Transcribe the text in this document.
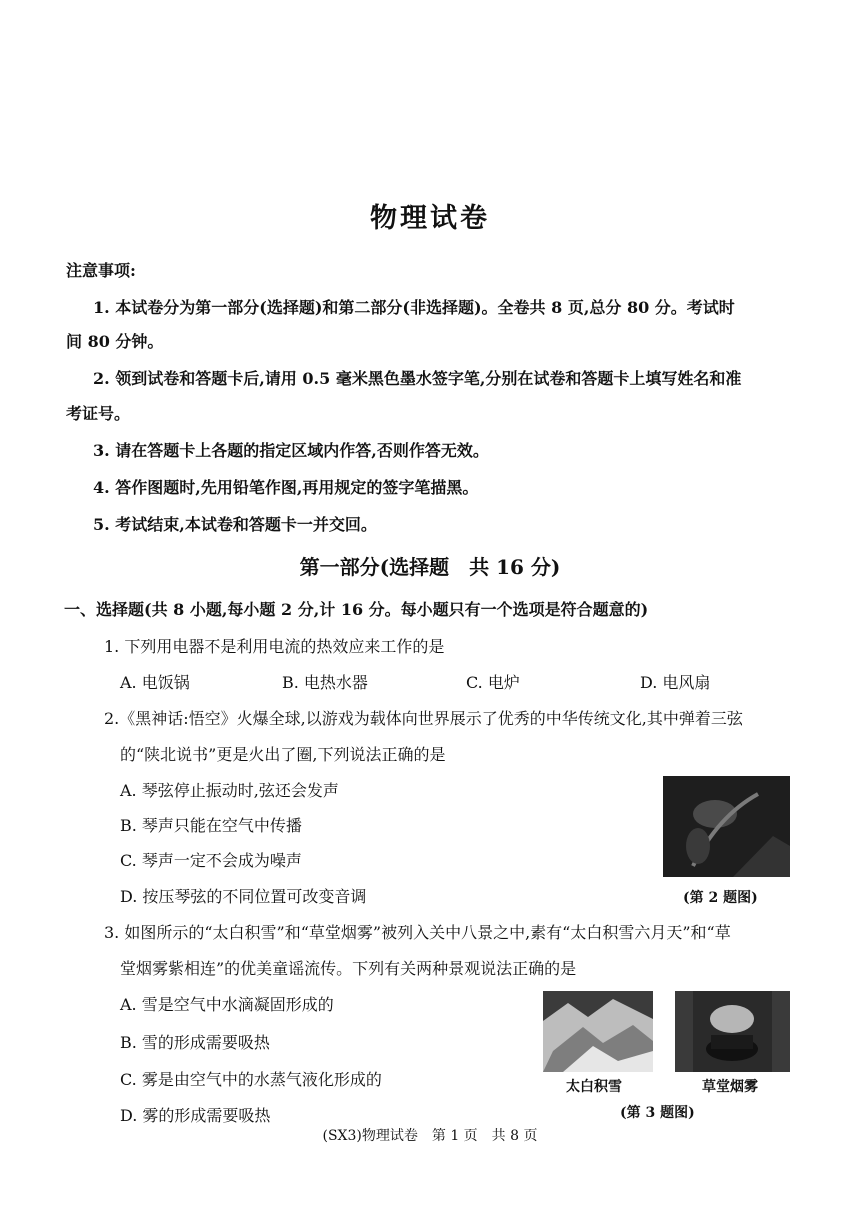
物理试卷
注意事项:
1. 本试卷分为第一部分(选择题)和第二部分(非选择题)。全卷共 8 页,总分 80 分。考试时
间 80 分钟。
2. 领到试卷和答题卡后,请用 0.5 毫米黑色墨水签字笔,分别在试卷和答题卡上填写姓名和准
考证号。
3. 请在答题卡上各题的指定区域内作答,否则作答无效。
4. 答作图题时,先用铅笔作图,再用规定的签字笔描黑。
5. 考试结束,本试卷和答题卡一并交回。
第一部分(选择题　共 16 分)
一、选择题(共 8 小题,每小题 2 分,计 16 分。每小题只有一个选项是符合题意的)
1. 下列用电器不是利用电流的热效应来工作的是
A. 电饭锅	B. 电热水器	C. 电炉	D. 电风扇
2.《黑神话:悟空》火爆全球,以游戏为载体向世界展示了优秀的中华传统文化,其中弹着三弦
的“陕北说书”更是火出了圈,下列说法正确的是
A. 琴弦停止振动时,弦还会发声
B. 琴声只能在空气中传播
C. 琴声一定不会成为噪声
D. 按压琴弦的不同位置可改变音调	(第 2 题图)
3. 如图所示的“太白积雪”和“草堂烟雾”被列入关中八景之中,素有“太白积雪六月天”和“草
堂烟雾紫相连”的优美童谣流传。下列有关两种景观说法正确的是
A. 雪是空气中水滴凝固形成的
B. 雪的形成需要吸热
C. 雾是由空气中的水蒸气液化形成的
D. 雾的形成需要吸热
太白积雪	草堂烟雾
(第 3 题图)
(SX3)物理试卷　第 1 页　共 8 页
